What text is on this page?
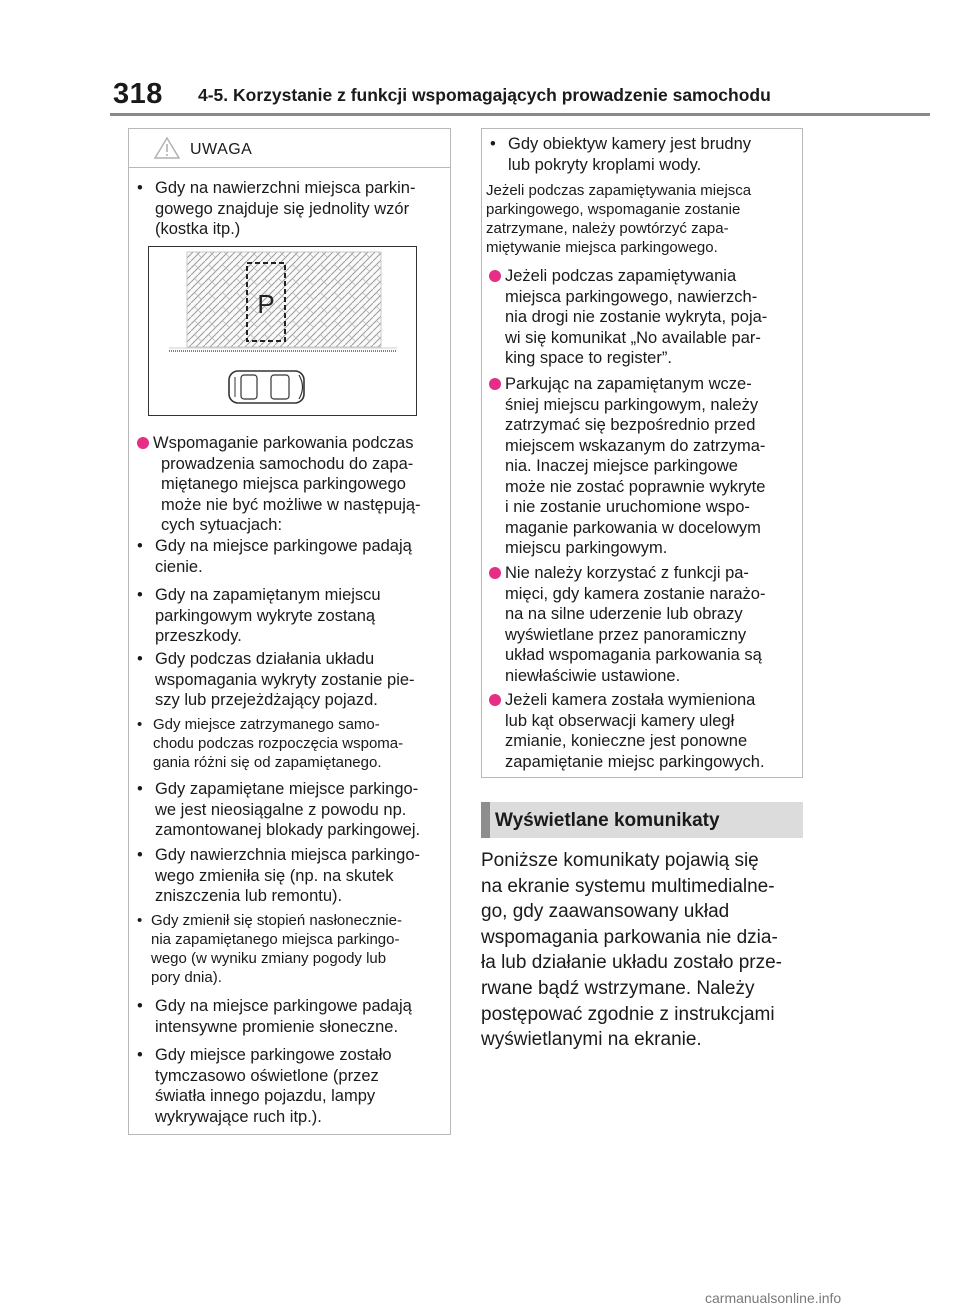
318 4-5. Korzystanie z funkcji wspomagających prowadzenie samochodu
UWAGA
• Gdy na nawierzchni miejsca parkin-
gowego znajduje się jednolity wzór
(kostka itp.)
P
Wspomaganie parkowania podczas
prowadzenia samochodu do zapa-
miętanego miejsca parkingowego
może nie być możliwe w następują-
cych sytuacjach:
• Gdy na miejsce parkingowe padają
cienie.
• Gdy na zapamiętanym miejscu
parkingowym wykryte zostaną
przeszkody.
• Gdy podczas działania układu
wspomagania wykryty zostanie pie-
szy lub przejeżdżający pojazd.
• Gdy miejsce zatrzymanego samo-
chodu podczas rozpoczęcia wspoma-
gania różni się od zapamiętanego.
• Gdy zapamiętane miejsce parkingo-
we jest nieosiągalne z powodu np.
zamontowanej blokady parkingowej.
• Gdy nawierzchnia miejsca parkingo-
wego zmieniła się (np. na skutek
zniszczenia lub remontu).
• Gdy zmienił się stopień nasłonecznie-
nia zapamiętanego miejsca parkingo-
wego (w wyniku zmiany pogody lub
pory dnia).
• Gdy na miejsce parkingowe padają
intensywne promienie słoneczne.
• Gdy miejsce parkingowe zostało
tymczasowo oświetlone (przez
światła innego pojazdu, lampy
wykrywające ruch itp.).
• Gdy obiektyw kamery jest brudny
lub pokryty kroplami wody.
Jeżeli podczas zapamiętywania miejsca
parkingowego, wspomaganie zostanie
zatrzymane, należy powtórzyć zapa-
miętywanie miejsca parkingowego.
Jeżeli podczas zapamiętywania
miejsca parkingowego, nawierzch-
nia drogi nie zostanie wykryta, poja-
wi się komunikat „No available par-
king space to register”.
Parkując na zapamiętanym wcze-
śniej miejscu parkingowym, należy
zatrzymać się bezpośrednio przed
miejscem wskazanym do zatrzyma-
nia. Inaczej miejsce parkingowe
może nie zostać poprawnie wykryte
i nie zostanie uruchomione wspo-
maganie parkowania w docelowym
miejscu parkingowym.
Nie należy korzystać z funkcji pa-
mięci, gdy kamera zostanie narażo-
na na silne uderzenie lub obrazy
wyświetlane przez panoramiczny
układ wspomagania parkowania są
niewłaściwie ustawione.
Jeżeli kamera została wymieniona
lub kąt obserwacji kamery uległ
zmianie, konieczne jest ponowne
zapamiętanie miejsc parkingowych.
Wyświetlane komunikaty
Poniższe komunikaty pojawią się
na ekranie systemu multimedialne-
go, gdy zaawansowany układ
wspomagania parkowania nie dzia-
ła lub działanie układu zostało prze-
rwane bądź wstrzymane. Należy
postępować zgodnie z instrukcjami
wyświetlanymi na ekranie.
carmanualsonline.info
